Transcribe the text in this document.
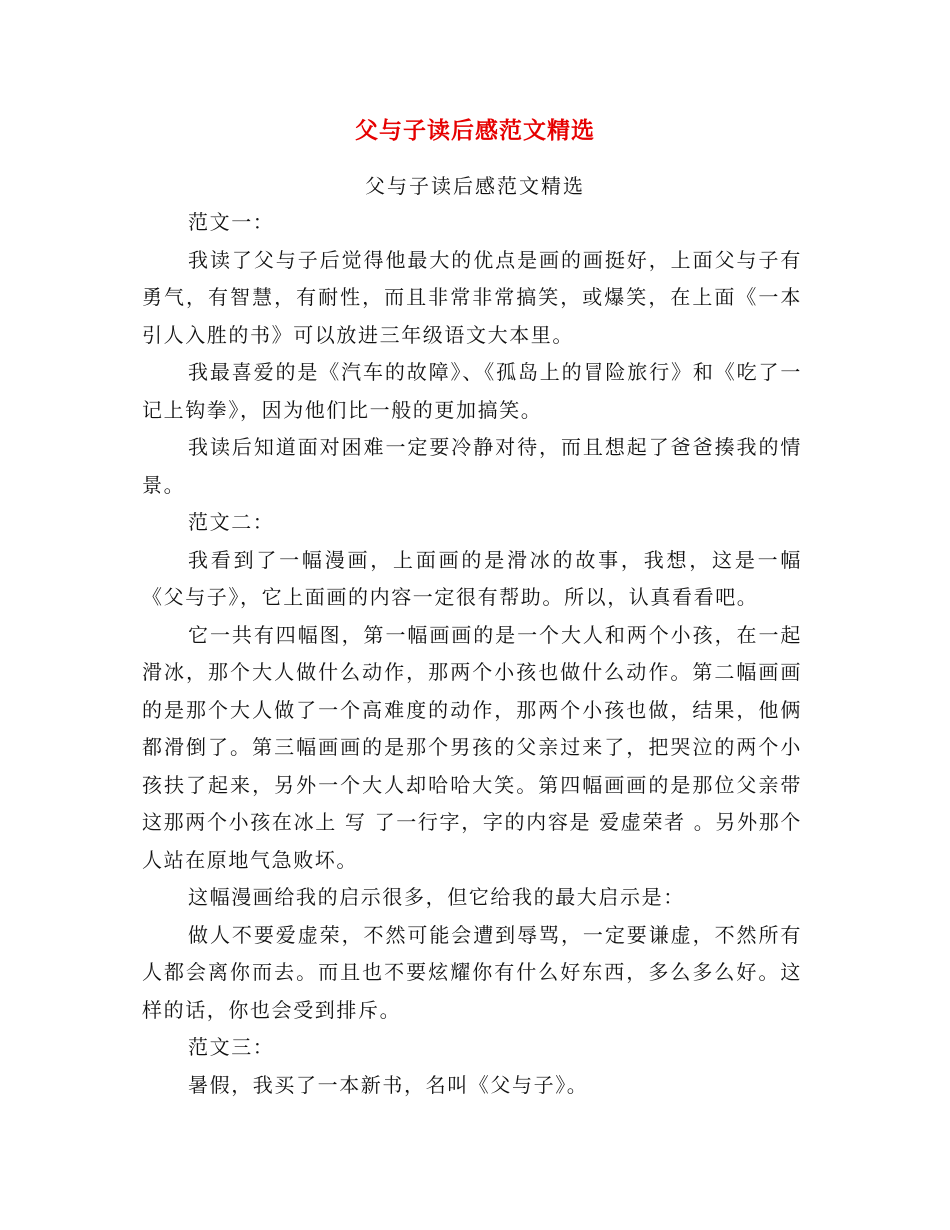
父与子读后感范文精选
父与子读后感范文精选

范文一：

我读了父与子后觉得他最大的优点是画的画挺好，上面父与子有勇气，有智慧，有耐性，而且非常非常搞笑，或爆笑，在上面《一本引人入胜的书》可以放进三年级语文大本里。

我最喜爱的是《汽车的故障》、《孤岛上的冒险旅行》和《吃了一记上钩拳》，因为他们比一般的更加搞笑。

我读后知道面对困难一定要冷静对待，而且想起了爸爸揍我的情景。

范文二：

我看到了一幅漫画，上面画的是滑冰的故事，我想，这是一幅《父与子》，它上面画的内容一定很有帮助。所以，认真看看吧。

它一共有四幅图，第一幅画画的是一个大人和两个小孩，在一起滑冰，那个大人做什么动作，那两个小孩也做什么动作。第二幅画画的是那个大人做了一个高难度的动作，那两个小孩也做，结果，他俩都滑倒了。第三幅画画的是那个男孩的父亲过来了，把哭泣的两个小孩扶了起来，另外一个大人却哈哈大笑。第四幅画画的是那位父亲带这那两个小孩在冰上 写 了一行字，字的内容是 爱虚荣者 。另外那个人站在原地气急败坏。

这幅漫画给我的启示很多，但它给我的最大启示是：

做人不要爱虚荣，不然可能会遭到辱骂，一定要谦虚，不然所有人都会离你而去。而且也不要炫耀你有什么好东西，多么多么好。这样的话，你也会受到排斥。

范文三：

暑假，我买了一本新书，名叫《父与子》。
